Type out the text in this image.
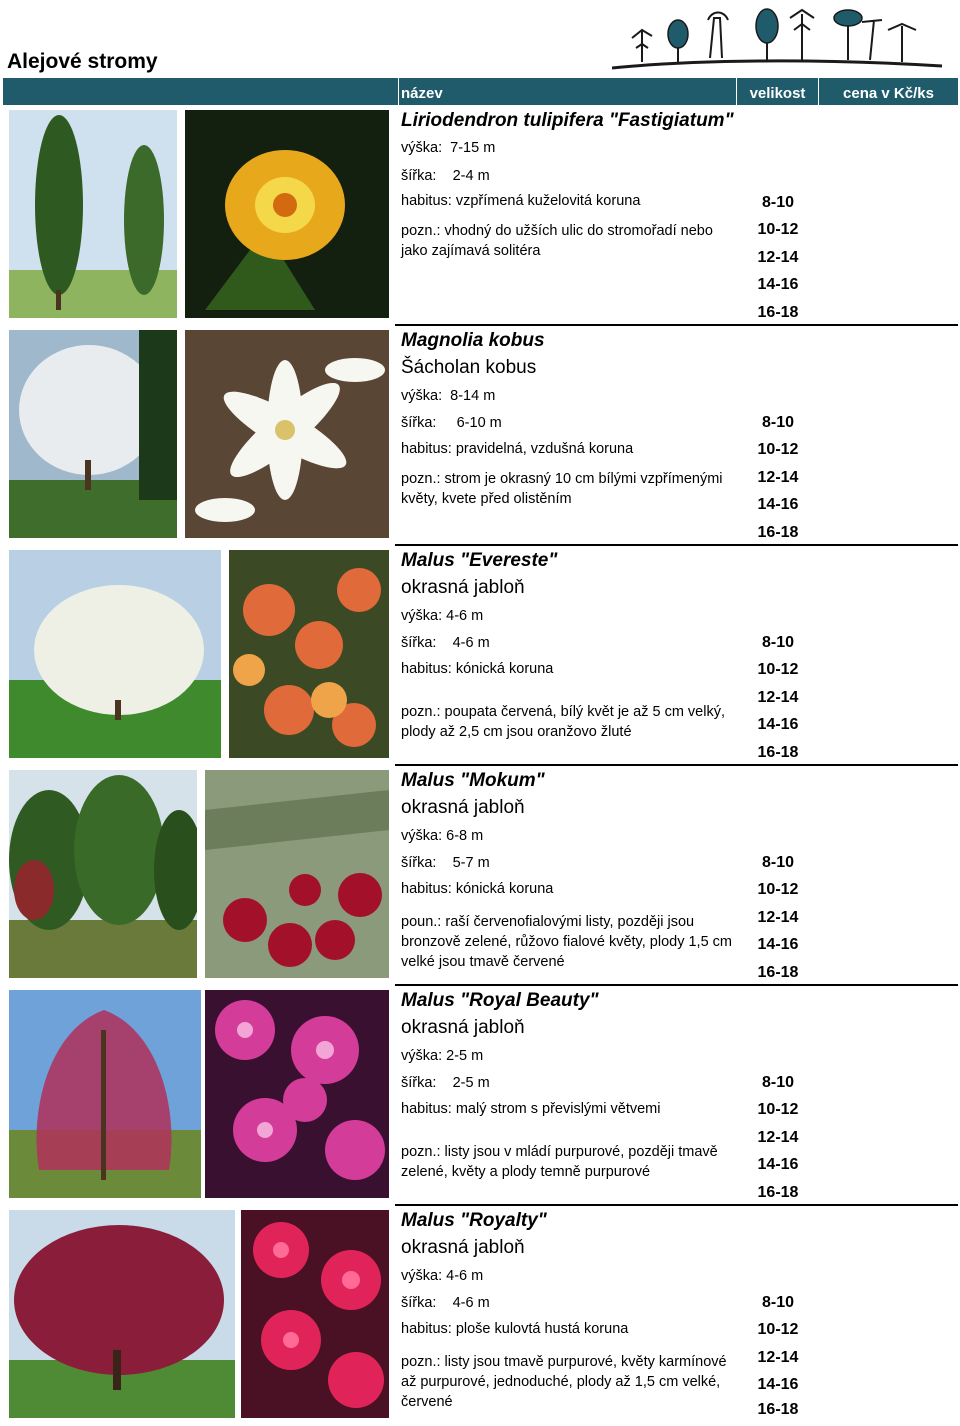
Alejové stromy
název	velikost	cena v Kč/ks
Liriodendron tulipifera "Fastigiatum"
výška: 7-15 m
šířka: 2-4 m
habitus: vzpřímená kuželovitá koruna
pozn.: vhodný do užších ulic do stromořadí nebo jako zajímavá solitéra
8-10
10-12
12-14
14-16
16-18
Magnolia kobus
Šácholan kobus
výška: 8-14 m
šířka: 6-10 m
habitus: pravidelná, vzdušná koruna
pozn.: strom je okrasný 10 cm bílými vzpřímenými květy, kvete před olistěním
8-10
10-12
12-14
14-16
16-18
Malus "Evereste"
okrasná jabloň
výška: 4-6 m
šířka: 4-6 m
habitus: kónická koruna
pozn.: poupata červená, bílý květ je až 5 cm velký, plody až 2,5 cm jsou oranžovo žluté
8-10
10-12
12-14
14-16
16-18
Malus "Mokum"
okrasná jabloň
výška: 6-8 m
šířka: 5-7 m
habitus: kónická koruna
poun.: raší červenofialovými listy, později jsou bronzově zelené, růžovo fialové květy, plody 1,5 cm velké jsou tmavě červené
8-10
10-12
12-14
14-16
16-18
Malus "Royal Beauty"
okrasná jabloň
výška: 2-5 m
šířka: 2-5 m
habitus: malý strom s převislými větvemi
pozn.: listy jsou v mládí purpurové, později tmavě zelené, květy a plody temně purpurové
8-10
10-12
12-14
14-16
16-18
Malus "Royalty"
okrasná jabloň
výška: 4-6 m
šířka: 4-6 m
habitus: ploše kulovtá hustá koruna
pozn.: listy jsou tmavě purpurové, květy karmínové až purpurové, jednoduché, plody až 1,5 cm velké, červené
8-10
10-12
12-14
14-16
16-18
